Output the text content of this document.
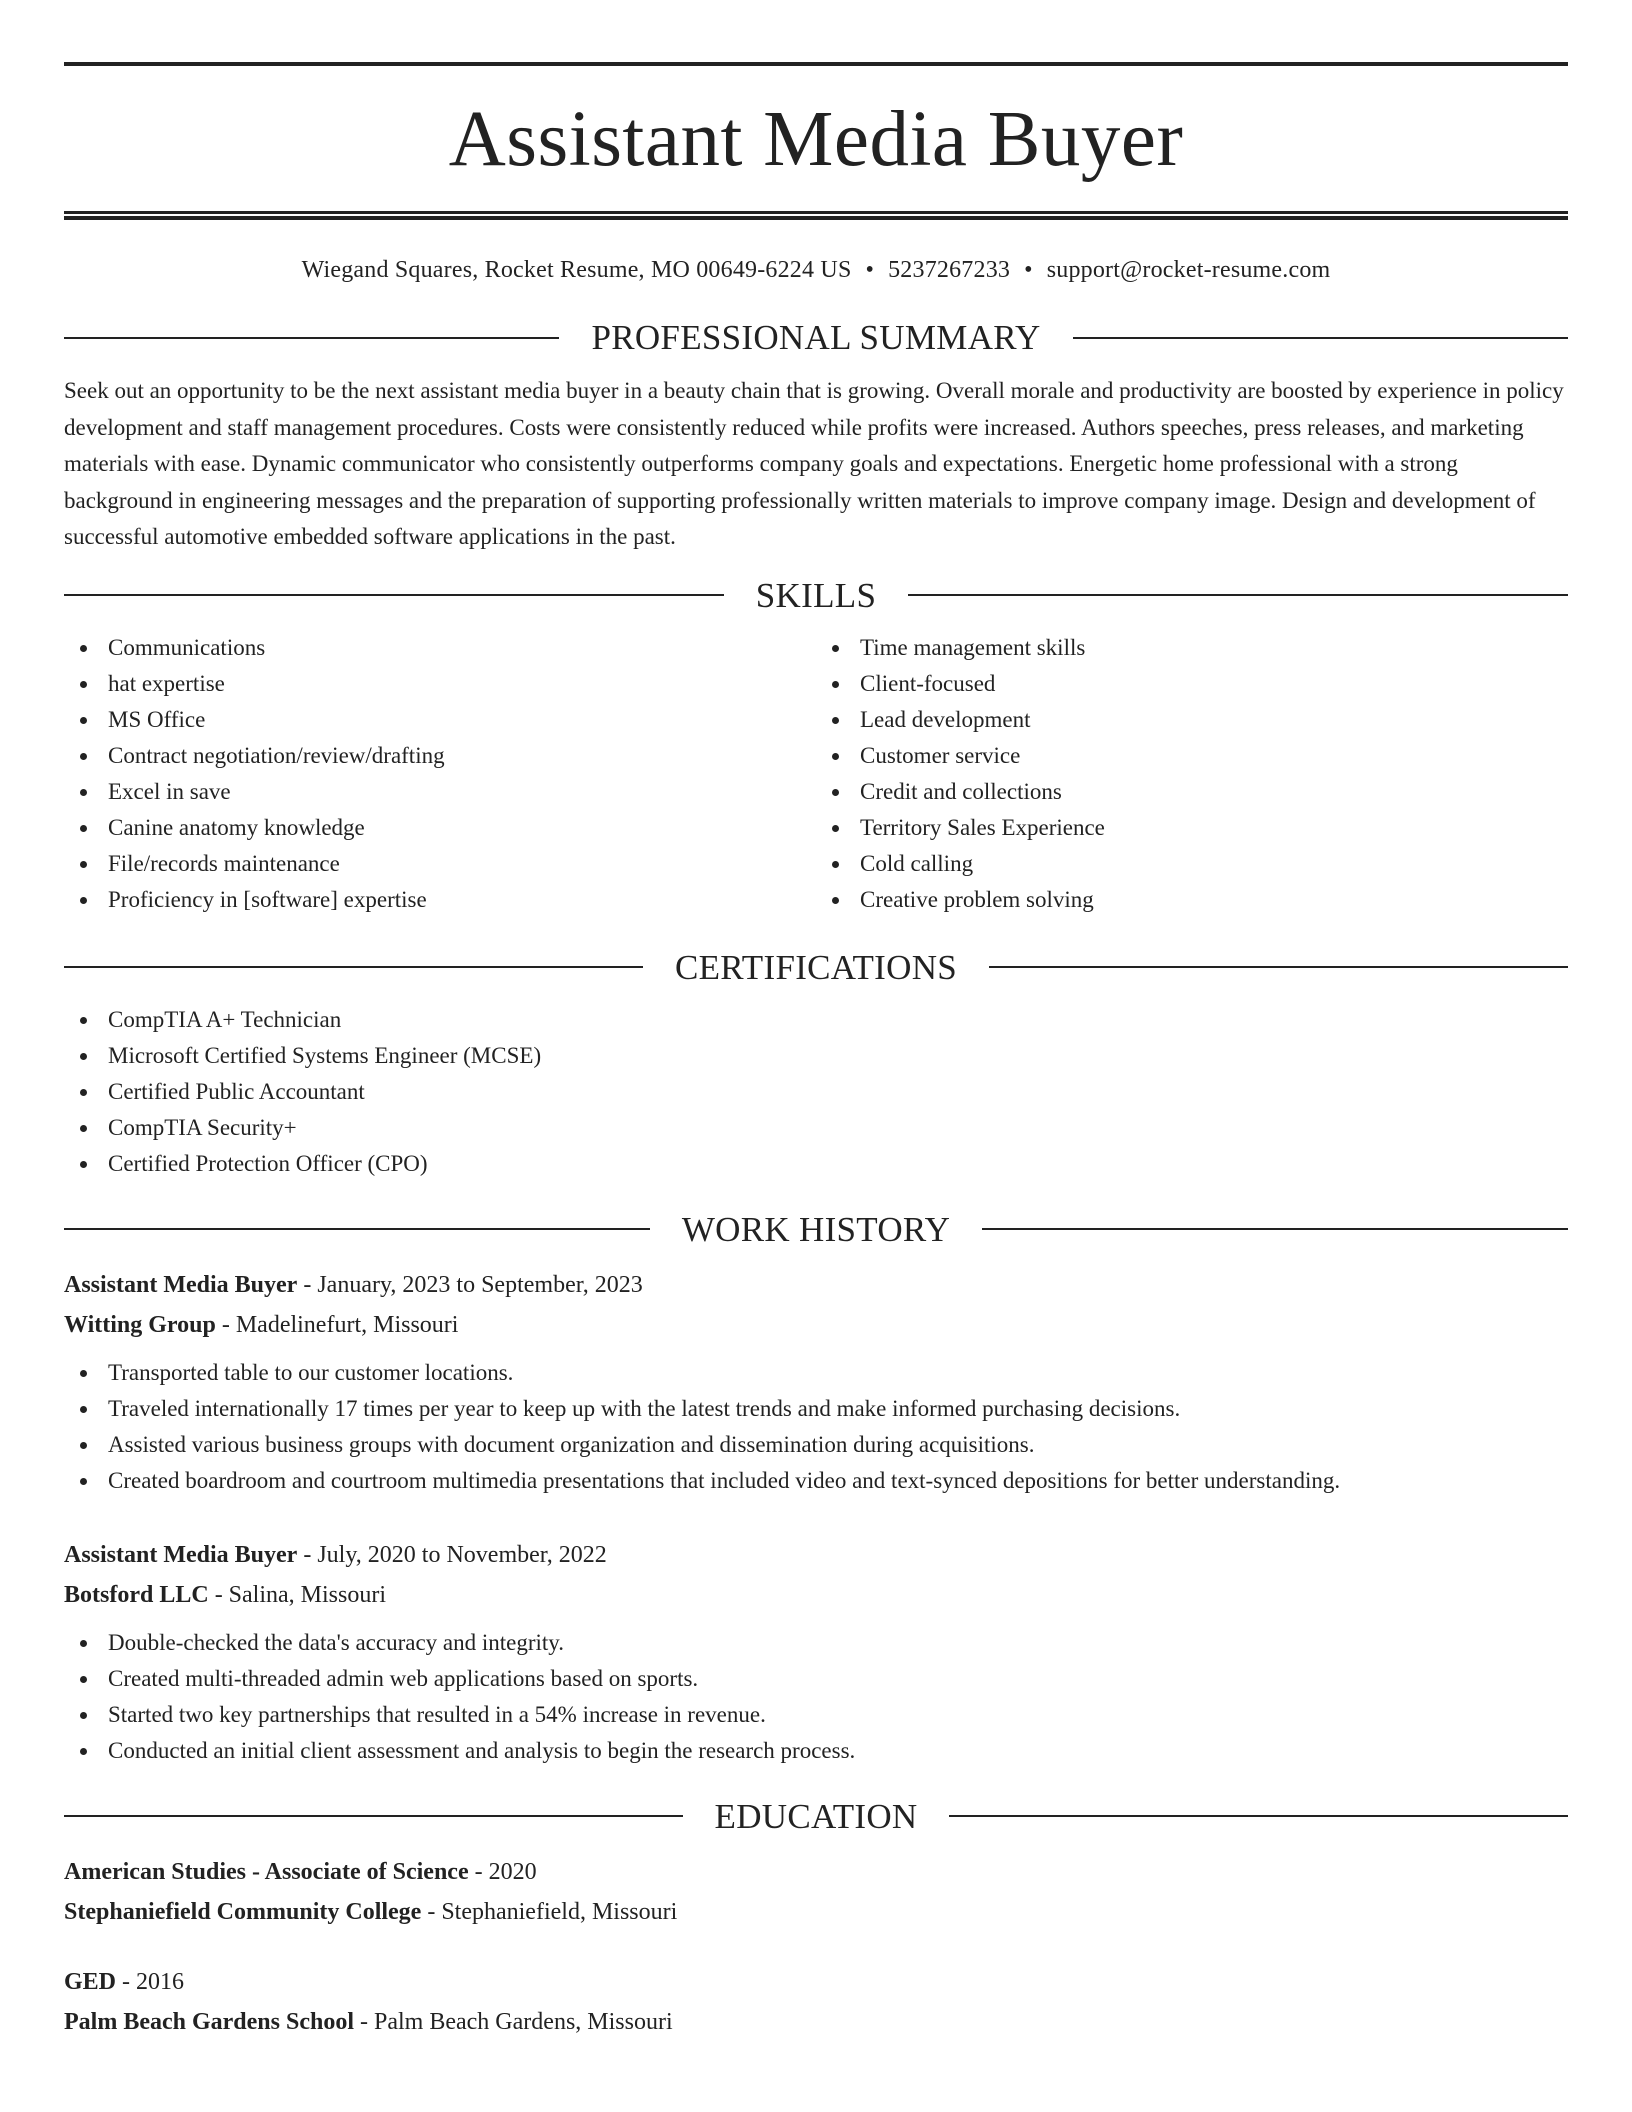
Assistant Media Buyer
Wiegand Squares, Rocket Resume, MO 00649-6224 US • 5237267233 • support@rocket-resume.com
PROFESSIONAL SUMMARY

Seek out an opportunity to be the next assistant media buyer in a beauty chain that is growing. Overall morale and productivity are boosted by experience in policy development and staff management procedures. Costs were consistently reduced while profits were increased. Authors speeches, press releases, and marketing materials with ease. Dynamic communicator who consistently outperforms company goals and expectations. Energetic home professional with a strong background in engineering messages and the preparation of supporting professionally written materials to improve company image. Design and development of successful automotive embedded software applications in the past.

SKILLS
Communications
hat expertise
MS Office
Contract negotiation/review/drafting
Excel in save
Canine anatomy knowledge
File/records maintenance
Proficiency in [software] expertise
Time management skills
Client-focused
Lead development
Customer service
Credit and collections
Territory Sales Experience
Cold calling
Creative problem solving
CERTIFICATIONS
CompTIA A+ Technician
Microsoft Certified Systems Engineer (MCSE)
Certified Public Accountant
CompTIA Security+
Certified Protection Officer (CPO)
WORK HISTORY
Assistant Media Buyer - January, 2023 to September, 2023
Witting Group - Madelinefurt, Missouri
Transported table to our customer locations.
Traveled internationally 17 times per year to keep up with the latest trends and make informed purchasing decisions.
Assisted various business groups with document organization and dissemination during acquisitions.
Created boardroom and courtroom multimedia presentations that included video and text-synced depositions for better understanding.
Assistant Media Buyer - July, 2020 to November, 2022
Botsford LLC - Salina, Missouri
Double-checked the data's accuracy and integrity.
Created multi-threaded admin web applications based on sports.
Started two key partnerships that resulted in a 54% increase in revenue.
Conducted an initial client assessment and analysis to begin the research process.
EDUCATION
American Studies - Associate of Science - 2020
Stephaniefield Community College - Stephaniefield, Missouri
GED - 2016
Palm Beach Gardens School - Palm Beach Gardens, Missouri
